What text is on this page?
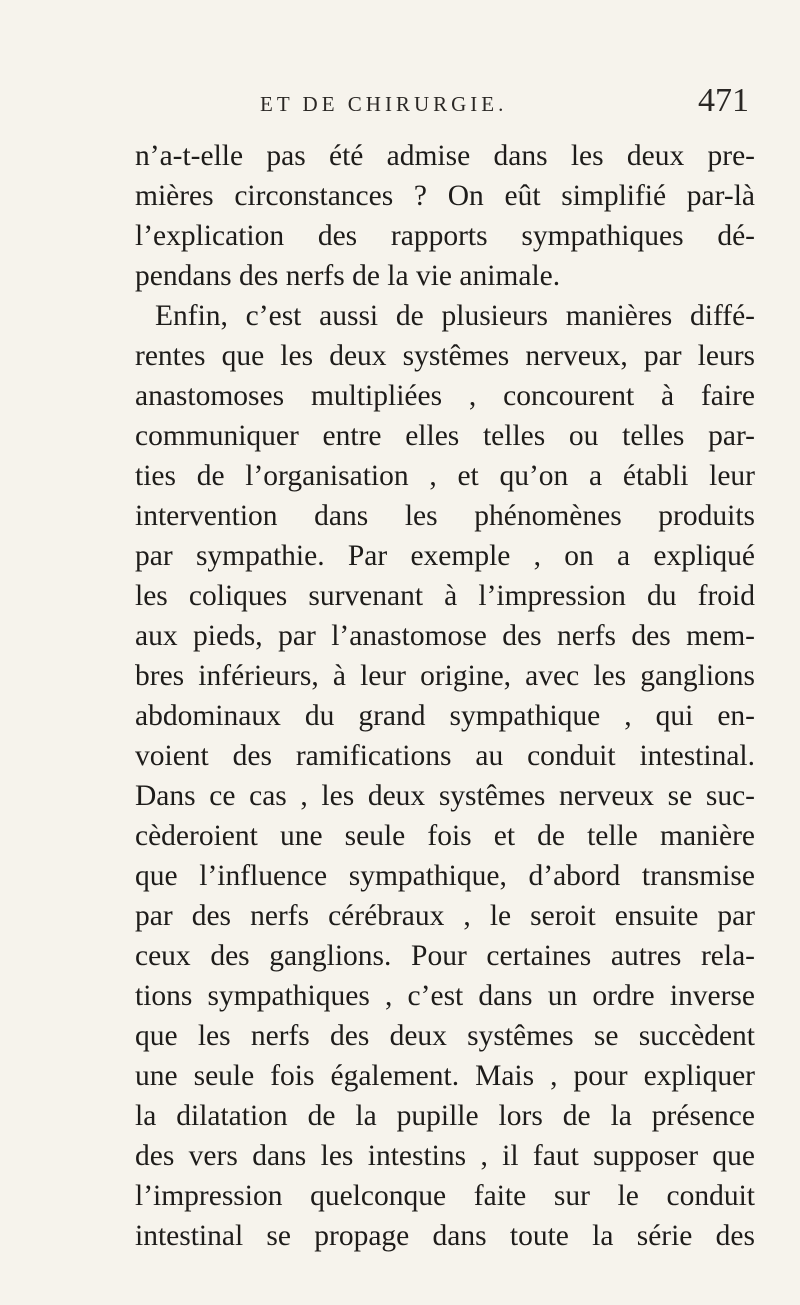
ET DE CHIRURGIE.	471
n’a-t-elle pas été admise dans les deux pre-
mières circonstances ? On eût simplifié par-là
l’explication des rapports sympathiques dé-
pendans des nerfs de la vie animale.
Enfin, c’est aussi de plusieurs manières diffé-
rentes que les deux systêmes nerveux, par leurs
anastomoses multipliées , concourent à faire
communiquer entre elles telles ou telles par-
ties de l’organisation , et qu’on a établi leur
intervention dans les phénomènes produits
par sympathie. Par exemple , on a expliqué
les coliques survenant à l’impression du froid
aux pieds, par l’anastomose des nerfs des mem-
bres inférieurs, à leur origine, avec les ganglions
abdominaux du grand sympathique , qui en-
voient des ramifications au conduit intestinal.
Dans ce cas , les deux systêmes nerveux se suc-
cèderoient une seule fois et de telle manière
que l’influence sympathique, d’abord transmise
par des nerfs cérébraux , le seroit ensuite par
ceux des ganglions. Pour certaines autres rela-
tions sympathiques , c’est dans un ordre inverse
que les nerfs des deux systêmes se succèdent
une seule fois également. Mais , pour expliquer
la dilatation de la pupille lors de la présence
des vers dans les intestins , il faut supposer que
l’impression quelconque faite sur le conduit
intestinal se propage dans toute la série des
